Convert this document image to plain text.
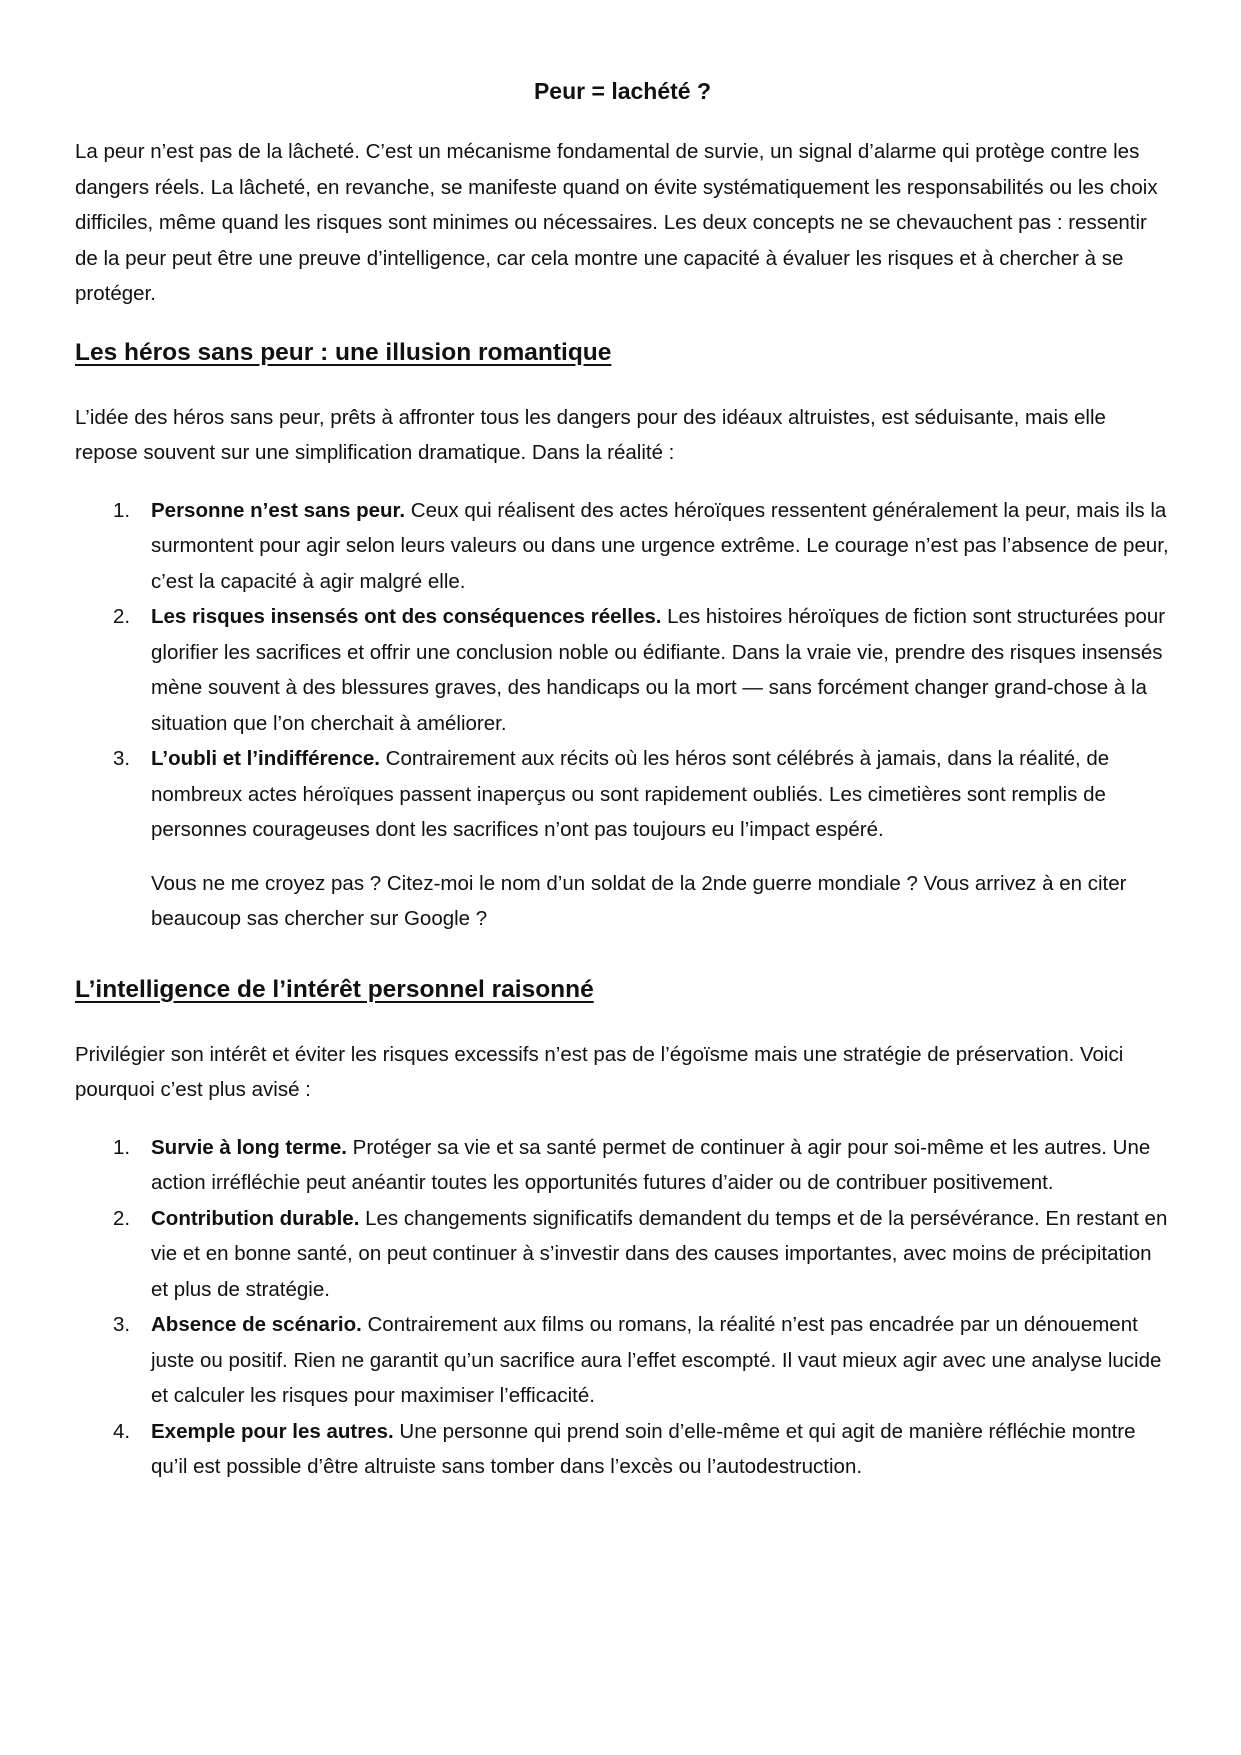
Peur = lachété ?

La peur n’est pas de la lâcheté. C’est un mécanisme fondamental de survie, un signal d’alarme qui protège contre les dangers réels. La lâcheté, en revanche, se manifeste quand on évite systématiquement les responsabilités ou les choix difficiles, même quand les risques sont minimes ou nécessaires. Les deux concepts ne se chevauchent pas : ressentir de la peur peut être une preuve d’intelligence, car cela montre une capacité à évaluer les risques et à chercher à se protéger.

Les héros sans peur : une illusion romantique

L’idée des héros sans peur, prêts à affronter tous les dangers pour des idéaux altruistes, est séduisante, mais elle repose souvent sur une simplification dramatique. Dans la réalité :

1. Personne n’est sans peur. Ceux qui réalisent des actes héroïques ressentent généralement la peur, mais ils la surmontent pour agir selon leurs valeurs ou dans une urgence extrême. Le courage n’est pas l’absence de peur, c’est la capacité à agir malgré elle.
2. Les risques insensés ont des conséquences réelles. Les histoires héroïques de fiction sont structurées pour glorifier les sacrifices et offrir une conclusion noble ou édifiante. Dans la vraie vie, prendre des risques insensés mène souvent à des blessures graves, des handicaps ou la mort — sans forcément changer grand-chose à la situation que l’on cherchait à améliorer.
3. L’oubli et l’indifférence. Contrairement aux récits où les héros sont célébrés à jamais, dans la réalité, de nombreux actes héroïques passent inaperçus ou sont rapidement oubliés. Les cimetières sont remplis de personnes courageuses dont les sacrifices n’ont pas toujours eu l’impact espéré.

Vous ne me croyez pas ? Citez-moi le nom d’un soldat de la 2nde guerre mondiale ? Vous arrivez à en citer beaucoup sas chercher sur Google ?

L’intelligence de l’intérêt personnel raisonné

Privilégier son intérêt et éviter les risques excessifs n’est pas de l’égoïsme mais une stratégie de préservation. Voici pourquoi c’est plus avisé :

1. Survie à long terme. Protéger sa vie et sa santé permet de continuer à agir pour soi-même et les autres. Une action irréfléchie peut anéantir toutes les opportunités futures d’aider ou de contribuer positivement.
2. Contribution durable. Les changements significatifs demandent du temps et de la persévérance. En restant en vie et en bonne santé, on peut continuer à s’investir dans des causes importantes, avec moins de précipitation et plus de stratégie.
3. Absence de scénario. Contrairement aux films ou romans, la réalité n’est pas encadrée par un dénouement juste ou positif. Rien ne garantit qu’un sacrifice aura l’effet escompté. Il vaut mieux agir avec une analyse lucide et calculer les risques pour maximiser l’efficacité.
4. Exemple pour les autres. Une personne qui prend soin d’elle-même et qui agit de manière réfléchie montre qu’il est possible d’être altruiste sans tomber dans l’excès ou l’autodestruction.
